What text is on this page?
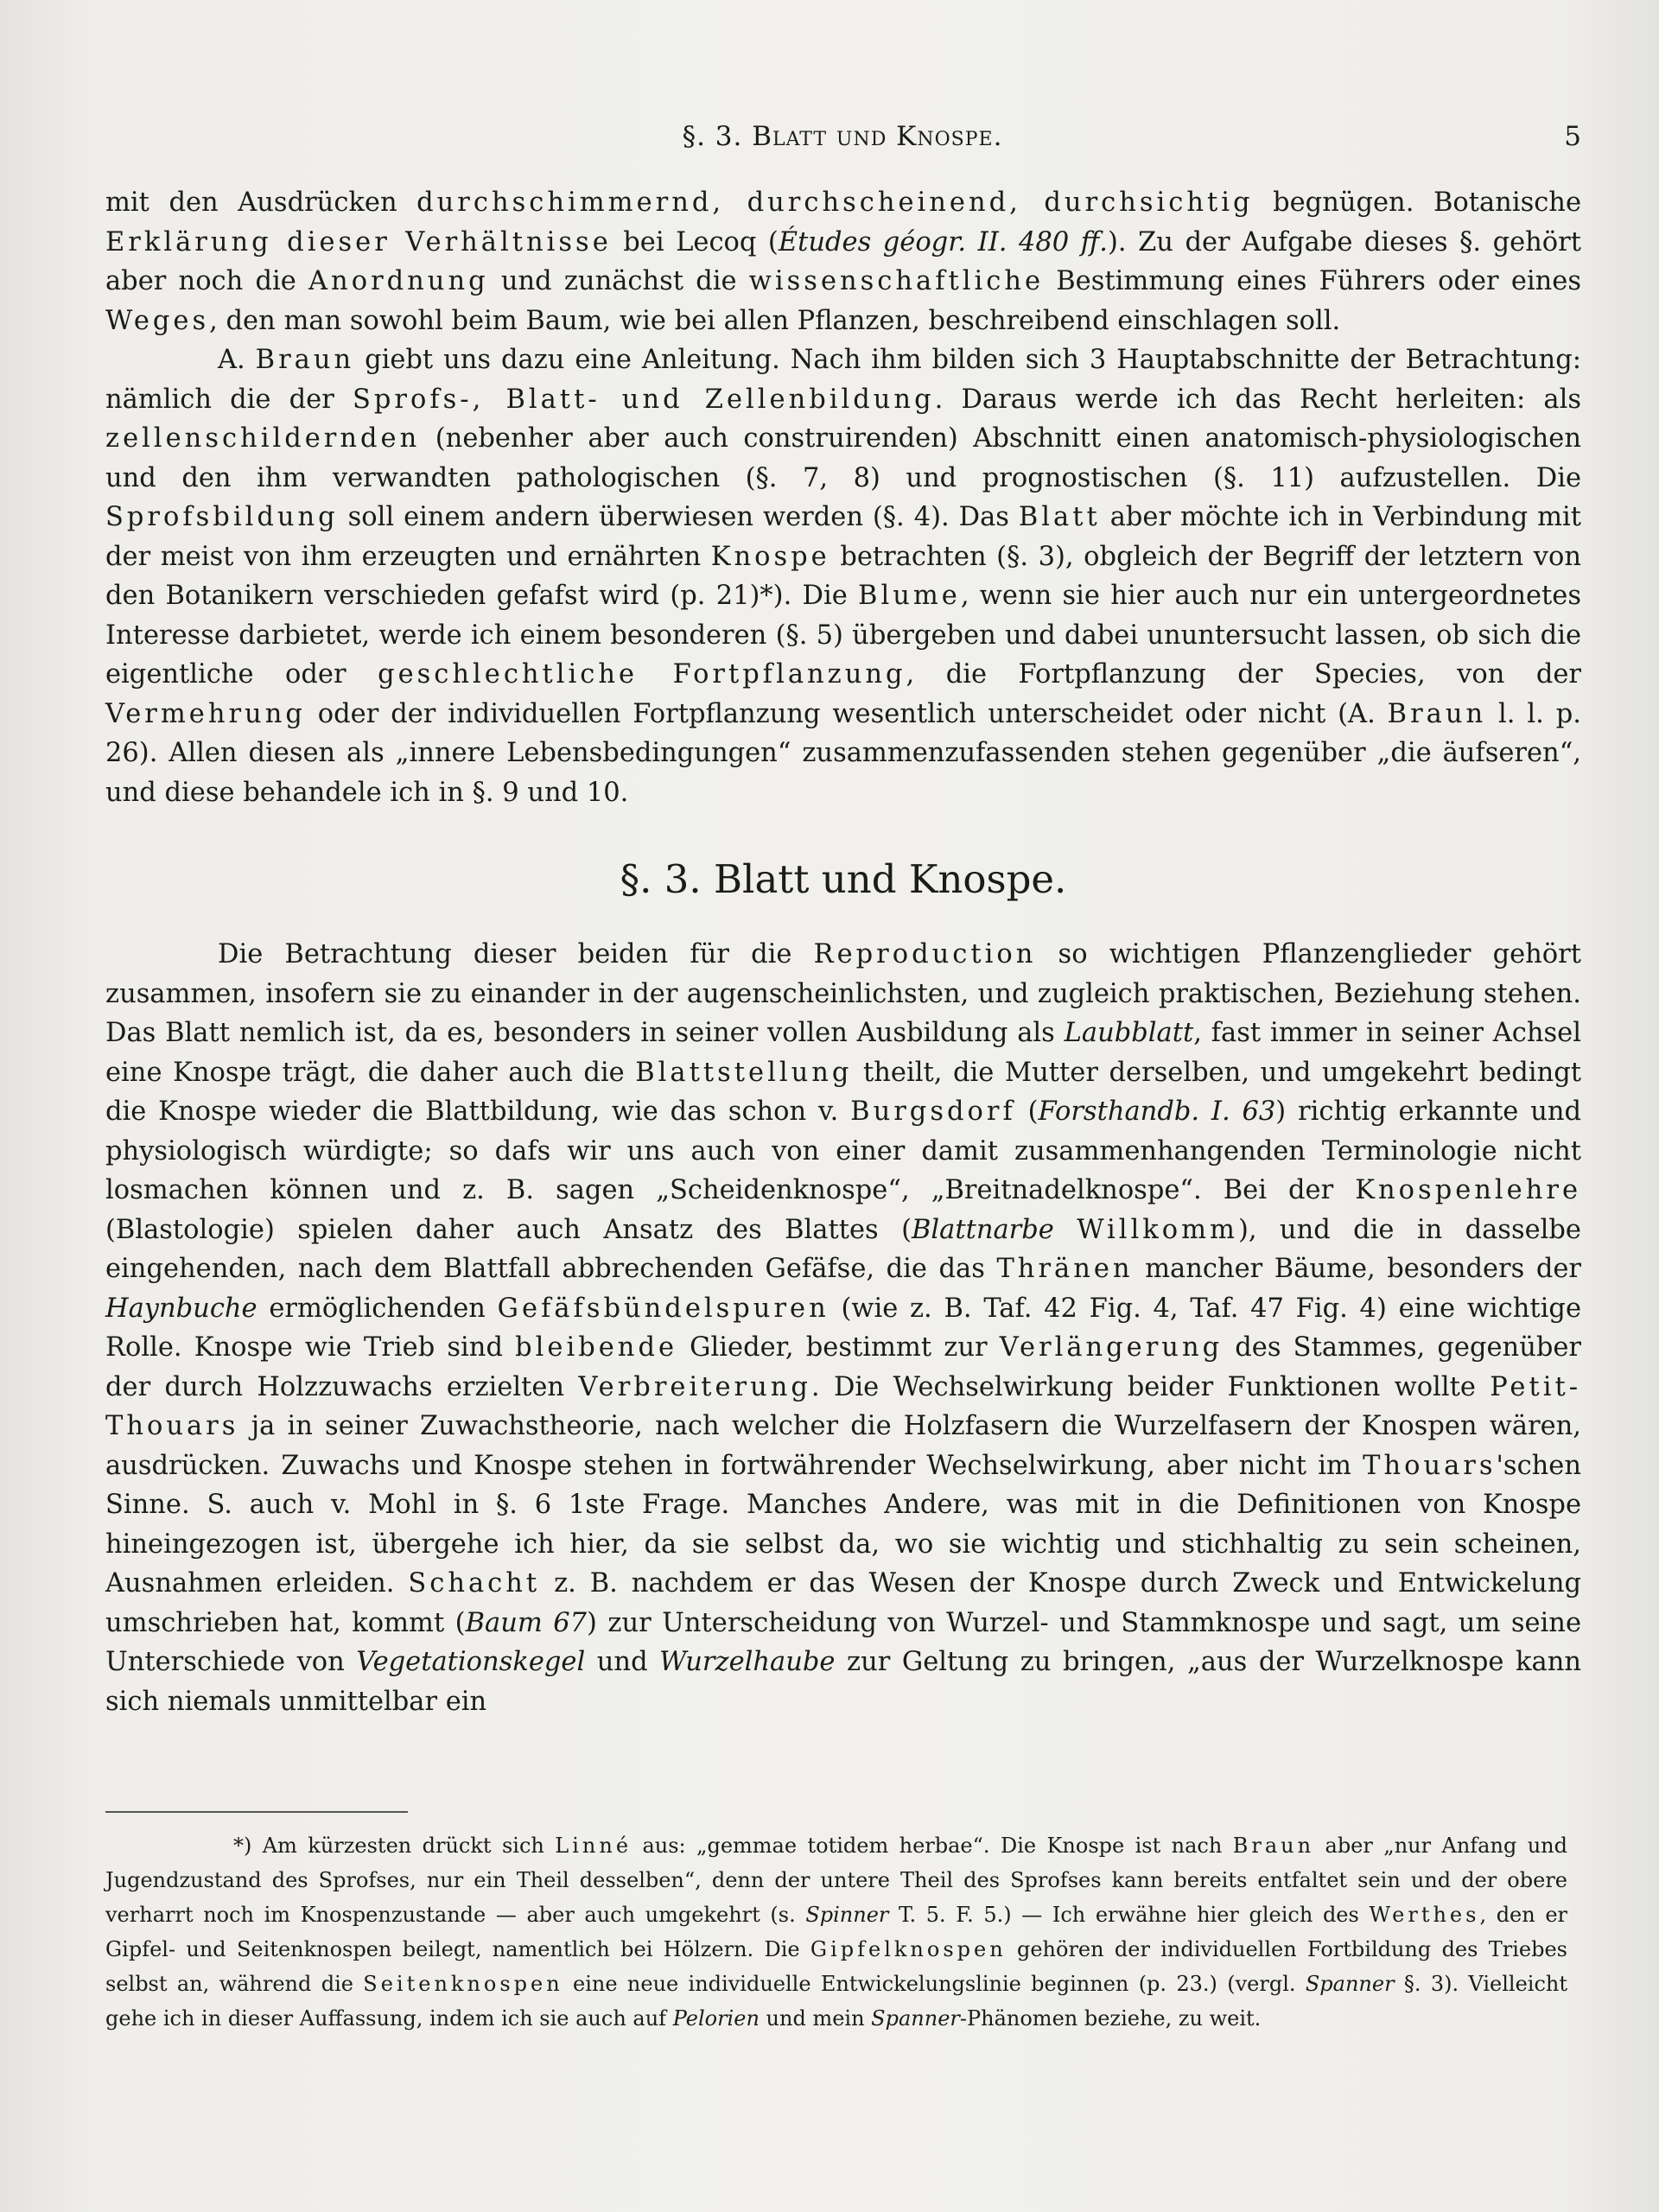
§. 3. Blatt und Knospe.	5

mit den Ausdrücken durchschimmernd, durchscheinend, durchsichtig begnügen. Botanische Erklärung dieser Verhältnisse bei Lecoq (Études géogr. II. 480 ff.). Zu der Aufgabe dieses §. gehört aber noch die Anordnung und zunächst die wissenschaftliche Bestimmung eines Führers oder eines Weges, den man sowohl beim Baum, wie bei allen Pflanzen, beschreibend einschlagen soll.

A. Braun giebt uns dazu eine Anleitung. Nach ihm bilden sich 3 Hauptabschnitte der Betrachtung: nämlich die der Sprofs-, Blatt- und Zellenbildung. Daraus werde ich das Recht herleiten: als zellenschildernden (nebenher aber auch construirenden) Abschnitt einen anatomisch-physiologischen und den ihm verwandten pathologischen (§. 7, 8) und prognostischen (§. 11) aufzustellen. Die Sprofsbildung soll einem andern überwiesen werden (§. 4). Das Blatt aber möchte ich in Verbindung mit der meist von ihm erzeugten und ernährten Knospe betrachten (§. 3), obgleich der Begriff der letztern von den Botanikern verschieden gefafst wird (p. 21)*). Die Blume, wenn sie hier auch nur ein untergeordnetes Interesse darbietet, werde ich einem besonderen (§. 5) übergeben und dabei ununtersucht lassen, ob sich die eigentliche oder geschlechtliche Fortpflanzung, die Fortpflanzung der Species, von der Vermehrung oder der individuellen Fortpflanzung wesentlich unterscheidet oder nicht (A. Braun l. l. p. 26). Allen diesen als „innere Lebensbedingungen“ zusammenzufassenden stehen gegenüber „die äufseren“, und diese behandele ich in §. 9 und 10.

§. 3. Blatt und Knospe.

Die Betrachtung dieser beiden für die Reproduction so wichtigen Pflanzenglieder gehört zusammen, insofern sie zu einander in der augenscheinlichsten, und zugleich praktischen, Beziehung stehen. Das Blatt nemlich ist, da es, besonders in seiner vollen Ausbildung als Laubblatt, fast immer in seiner Achsel eine Knospe trägt, die daher auch die Blattstellung theilt, die Mutter derselben, und umgekehrt bedingt die Knospe wieder die Blattbildung, wie das schon v. Burgsdorf (Forsthandb. I. 63) richtig erkannte und physiologisch würdigte; so dafs wir uns auch von einer damit zusammenhangenden Terminologie nicht losmachen können und z. B. sagen „Scheidenknospe“, „Breitnadelknospe“. Bei der Knospenlehre (Blastologie) spielen daher auch Ansatz des Blattes (Blattnarbe Willkomm), und die in dasselbe eingehenden, nach dem Blattfall abbrechenden Gefäfse, die das Thränen mancher Bäume, besonders der Haynbuche ermöglichenden Gefäfsbündelspuren (wie z. B. Taf. 42 Fig. 4, Taf. 47 Fig. 4) eine wichtige Rolle. Knospe wie Trieb sind bleibende Glieder, bestimmt zur Verlängerung des Stammes, gegenüber der durch Holzzuwachs erzielten Verbreiterung. Die Wechselwirkung beider Funktionen wollte Petit-Thouars ja in seiner Zuwachstheorie, nach welcher die Holzfasern die Wurzelfasern der Knospen wären, ausdrücken. Zuwachs und Knospe stehen in fortwährender Wechselwirkung, aber nicht im Thouars'schen Sinne. S. auch v. Mohl in §. 6 1ste Frage. Manches Andere, was mit in die Definitionen von Knospe hineingezogen ist, übergehe ich hier, da sie selbst da, wo sie wichtig und stichhaltig zu sein scheinen, Ausnahmen erleiden. Schacht z. B. nachdem er das Wesen der Knospe durch Zweck und Entwickelung umschrieben hat, kommt (Baum 67) zur Unterscheidung von Wurzel- und Stammknospe und sagt, um seine Unterschiede von Vegetationskegel und Wurzelhaube zur Geltung zu bringen, „aus der Wurzelknospe kann sich niemals unmittelbar ein

*) Am kürzesten drückt sich Linné aus: „gemmae totidem herbae“. Die Knospe ist nach Braun aber „nur Anfang und Jugendzustand des Sprofses, nur ein Theil desselben“, denn der untere Theil des Sprofses kann bereits entfaltet sein und der obere verharrt noch im Knospenzustande — aber auch umgekehrt (s. Spinner T. 5. F. 5.) — Ich erwähne hier gleich des Werthes, den er Gipfel- und Seitenknospen beilegt, namentlich bei Hölzern. Die Gipfelknospen gehören der individuellen Fortbildung des Triebes selbst an, während die Seitenknospen eine neue individuelle Entwickelungslinie beginnen (p. 23.) (vergl. Spanner §. 3). Vielleicht gehe ich in dieser Auffassung, indem ich sie auch auf Pelorien und mein Spanner-Phänomen beziehe, zu weit.
